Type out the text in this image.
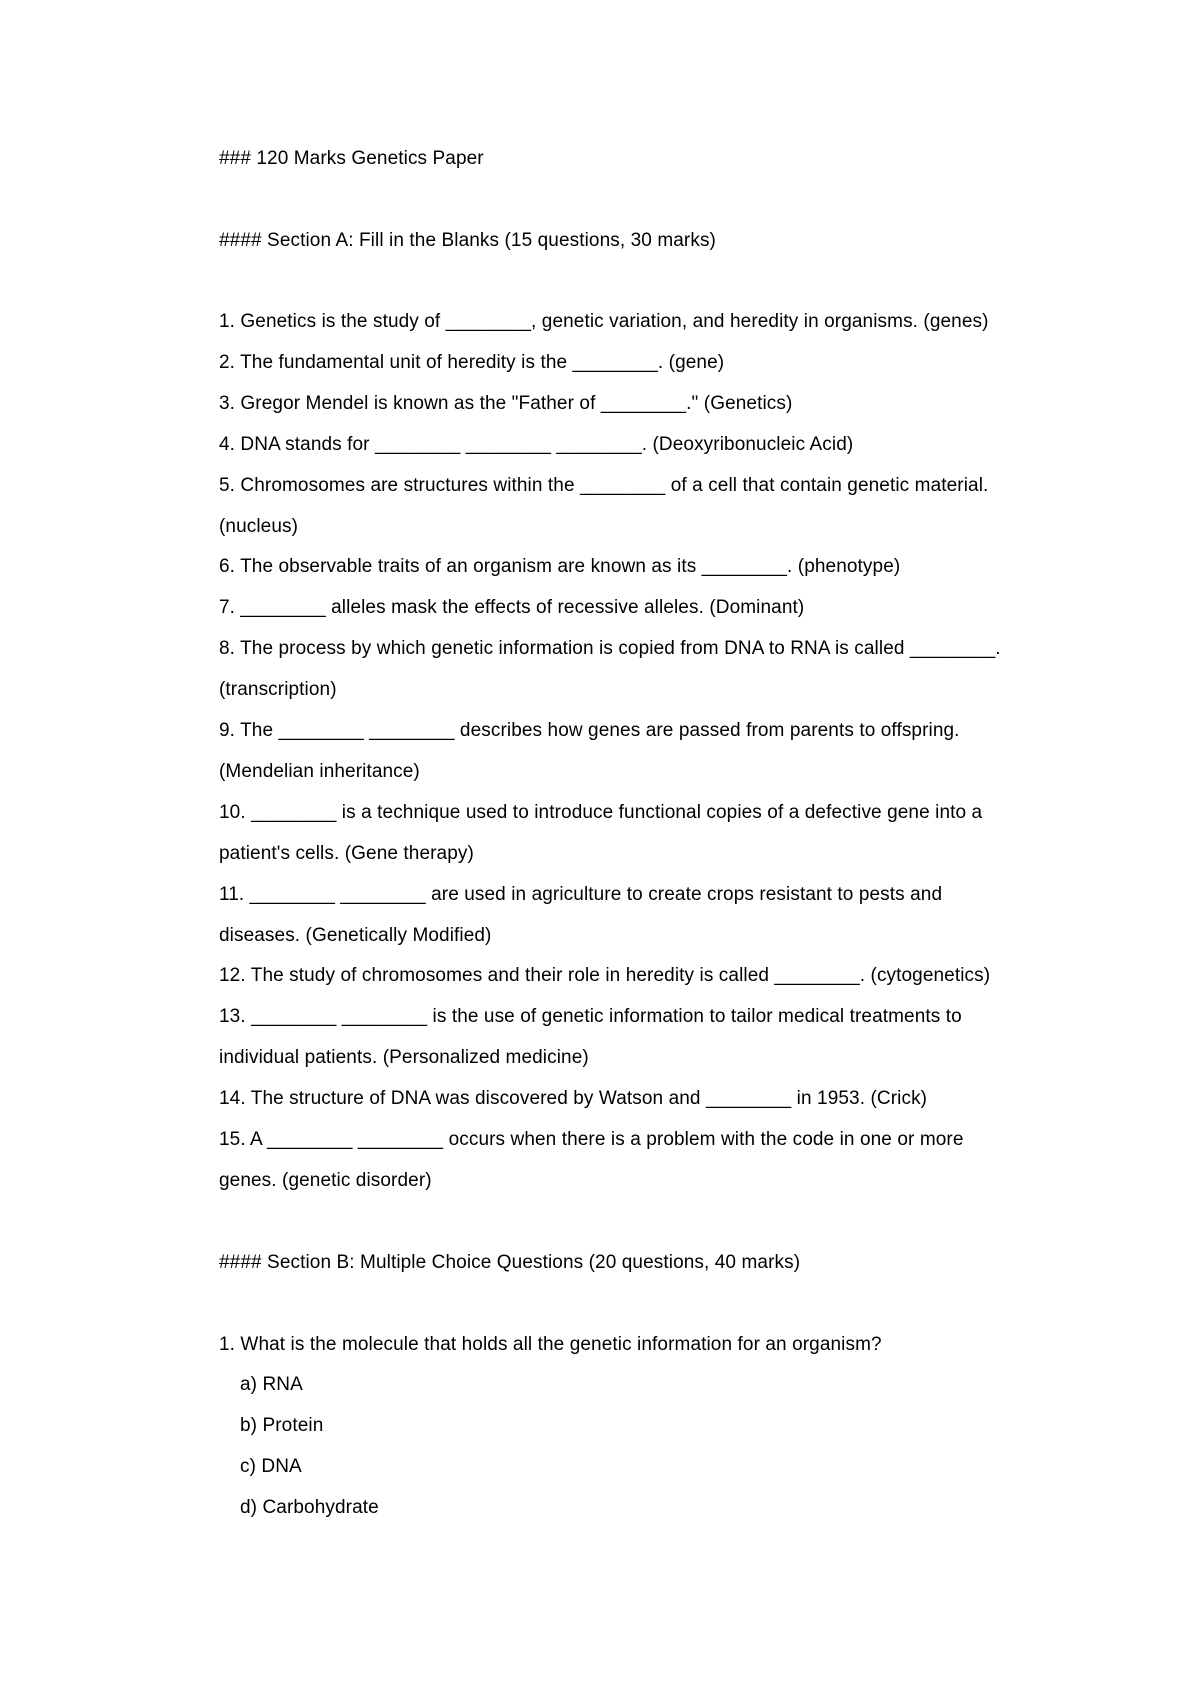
### 120 Marks Genetics Paper
#### Section A: Fill in the Blanks (15 questions, 30 marks)
1. Genetics is the study of ________, genetic variation, and heredity in organisms. (genes)
2. The fundamental unit of heredity is the ________. (gene)
3. Gregor Mendel is known as the "Father of ________." (Genetics)
4. DNA stands for ________ ________ ________. (Deoxyribonucleic Acid)
5. Chromosomes are structures within the ________ of a cell that contain genetic material.
(nucleus)
6. The observable traits of an organism are known as its ________. (phenotype)
7. ________ alleles mask the effects of recessive alleles. (Dominant)
8. The process by which genetic information is copied from DNA to RNA is called ________.
(transcription)
9. The ________ ________ describes how genes are passed from parents to offspring.
(Mendelian inheritance)
10. ________ is a technique used to introduce functional copies of a defective gene into a
patient's cells. (Gene therapy)
11. ________ ________ are used in agriculture to create crops resistant to pests and
diseases. (Genetically Modified)
12. The study of chromosomes and their role in heredity is called ________. (cytogenetics)
13. ________ ________ is the use of genetic information to tailor medical treatments to
individual patients. (Personalized medicine)
14. The structure of DNA was discovered by Watson and ________ in 1953. (Crick)
15. A ________ ________ occurs when there is a problem with the code in one or more
genes. (genetic disorder)
#### Section B: Multiple Choice Questions (20 questions, 40 marks)
1. What is the molecule that holds all the genetic information for an organism?
a) RNA
b) Protein
c) DNA
d) Carbohydrate
